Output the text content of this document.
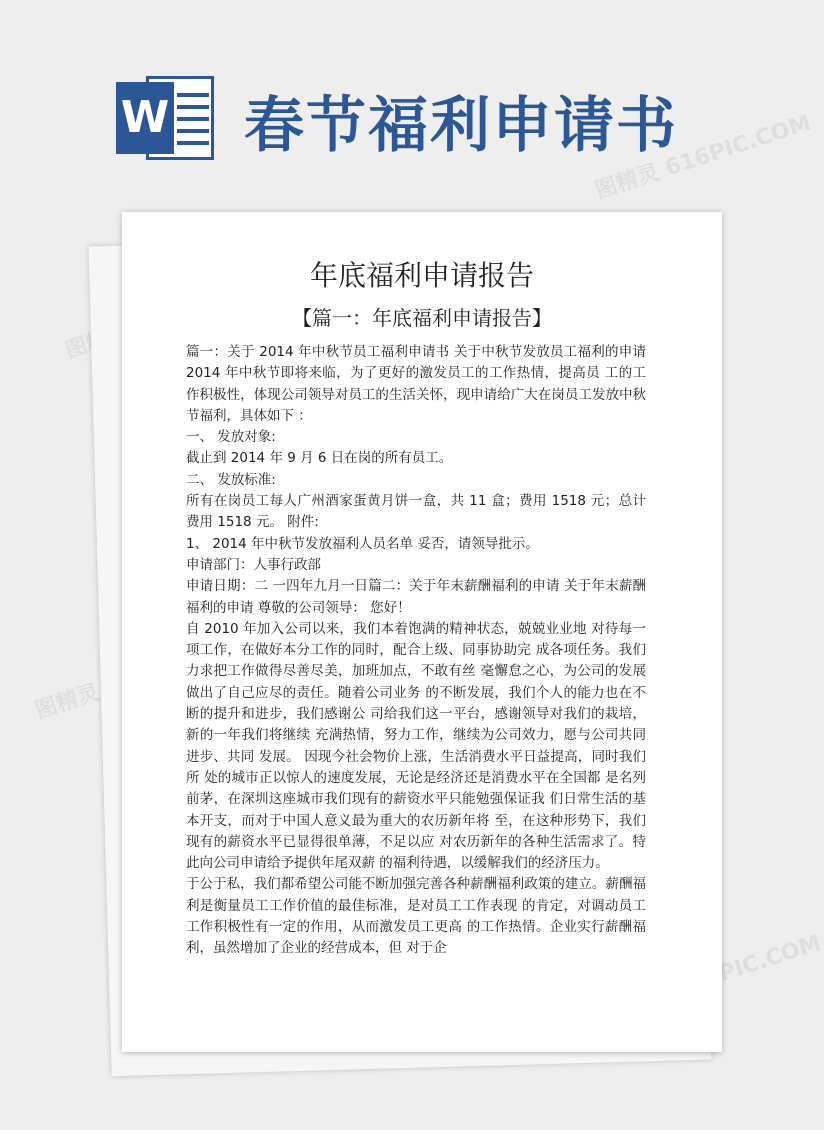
W 春节福利申请书
图精灵 616PIC.COM
图精灵
616PIC.COM
年底福利申请报告
【篇一：年底福利申请报告】

篇一：关于 2014 年中秋节员工福利申请书 关于中秋节发放员工福利的申请 2014 年中秋节即将来临，为了更好的激发员工的工作热情，提高员 工的工作积极性，体现公司领导对员工的生活关怀，现申请给广大在岗员工发放中秋节福利，具体如下 ：

一、 发放对象:

截止到 2014 年 9 月 6 日在岗的所有员工。

二、 发放标准:

所有在岗员工每人广州酒家蛋黄月饼一盒，共 11 盒；费用 1518 元；总计费用 1518 元。 附件:

1、 2014 年中秋节发放福利人员名单 妥否，请领导批示。

申请部门：人事行政部

申请日期：二 一四年九月一日篇二：关于年末薪酬福利的申请 关于年末薪酬福利的申请 尊敬的公司领导： 您好！

自 2010 年加入公司以来，我们本着饱满的精神状态，兢兢业业地 对待每一项工作，在做好本分工作的同时，配合上级、同事协助完 成各项任务。我们力求把工作做得尽善尽美，加班加点，不敢有丝 毫懈怠之心，为公司的发展做出了自己应尽的责任。随着公司业务 的不断发展，我们个人的能力也在不断的提升和进步，我们感谢公 司给我们这一平台，感谢领导对我们的栽培，新的一年我们将继续 充满热情，努力工作，继续为公司效力，愿与公司共同进步、共同 发展。 因现今社会物价上涨，生活消费水平日益提高，同时我们所 处的城市正以惊人的速度发展，无论是经济还是消费水平在全国都 是名列前茅，在深圳这座城市我们现有的薪资水平只能勉强保证我 们日常生活的基本开支，而对于中国人意义最为重大的农历新年将 至，在这种形势下，我们现有的薪资水平已显得很单薄，不足以应 对农历新年的各种生活需求了。特此向公司申请给予提供年尾双薪 的福利待遇，以缓解我们的经济压力。

于公于私，我们都希望公司能不断加强完善各种薪酬福利政策的建立。薪酬福利是衡量员工工作价值的最佳标准，是对员工工作表现 的肯定，对调动员工工作积极性有一定的作用，从而激发员工更高 的工作热情。企业实行薪酬福利，虽然增加了企业的经营成本，但 对于企
